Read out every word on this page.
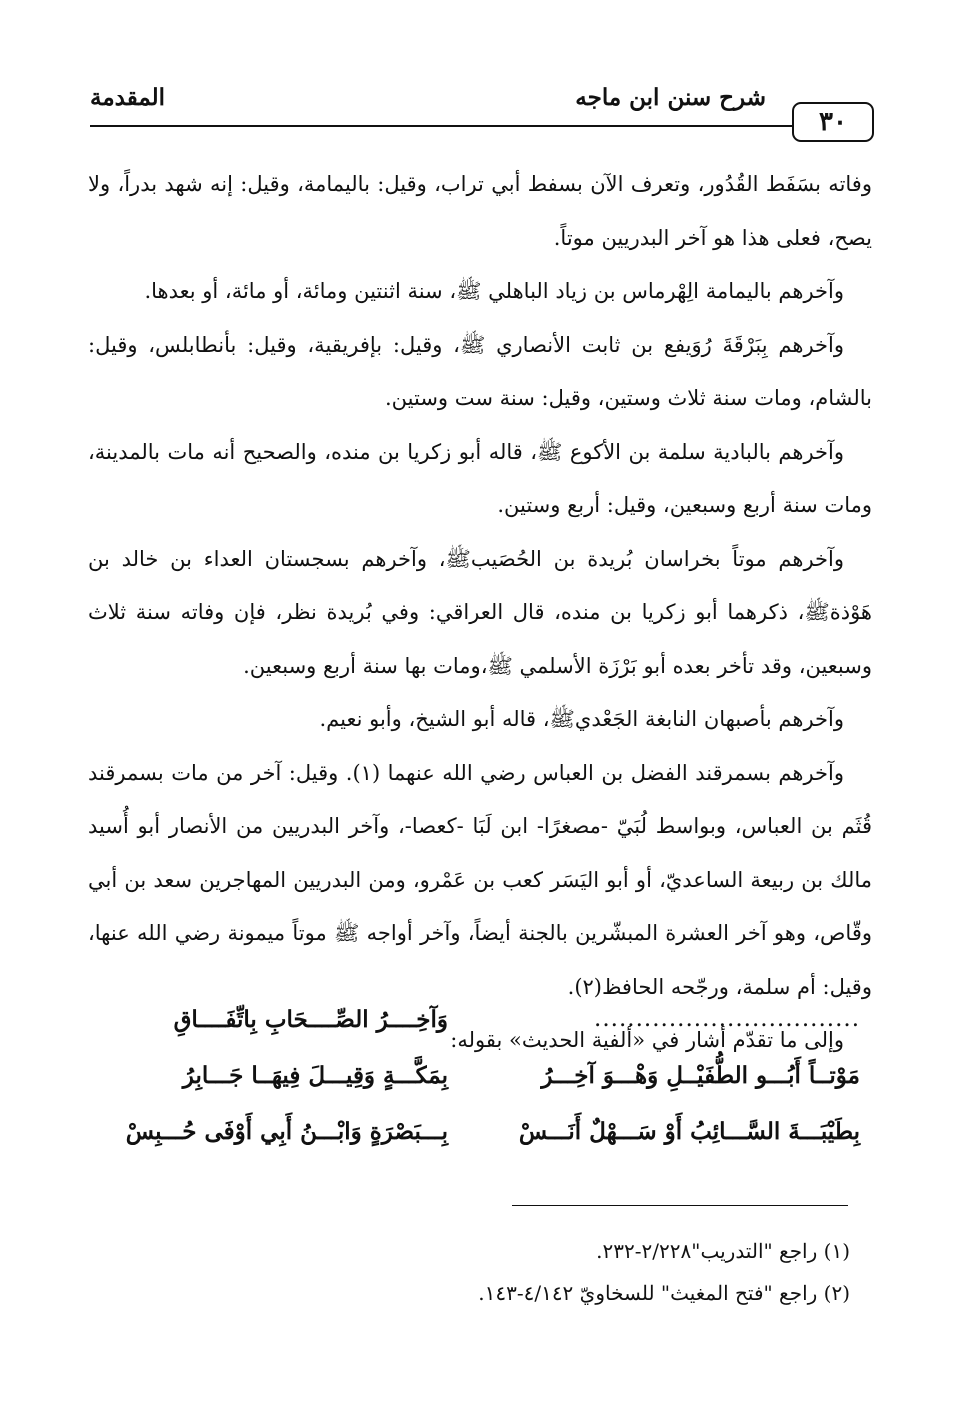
٣٠
شرح سنن ابن ماجه
المقدمة

وفاته بسَفَط القُدُور، وتعرف الآن بسفط أبي تراب، وقيل: باليمامة، وقيل: إنه شهد بدراً، ولا يصح، فعلى هذا هو آخر البدريين موتاً.

وآخرهم باليمامة الِهْرماس بن زياد الباهلي ﷺ، سنة اثنتين ومائة، أو مائة، أو بعدها.

وآخرهم بِبَرْقَةَ رُوَيفع بن ثابت الأنصاري ﷺ، وقيل: بإفريقية، وقيل: بأنطابلس، وقيل: بالشام، ومات سنة ثلاث وستين، وقيل: سنة ست وستين.

وآخرهم بالبادية سلمة بن الأكوع ﷺ، قاله أبو زكريا بن منده، والصحيح أنه مات بالمدينة، ومات سنة أربع وسبعين، وقيل: أربع وستين.

وآخرهم موتاً بخراسان بُريدة بن الحُصَيبﷺ، وآخرهم بسجستان العداء بن خالد بن هَوْذةﷺ، ذكرهما أبو زكريا بن منده، قال العراقي: وفي بُريدة نظر، فإن وفاته سنة ثلاث وسبعين، وقد تأخر بعده أبو بَرْزَة الأسلمي ﷺ،ومات بها سنة أربع وسبعين.

وآخرهم بأصبهان النابغة الجَعْديﷺ، قاله أبو الشيخ، وأبو نعيم.

وآخرهم بسمرقند الفضل بن العباس رضي الله عنهما (١). وقيل: آخر من مات بسمرقند قُثَم بن العباس، وبواسط لُبَيّ -مصغرًا- ابن لَبَا -كعصا-، وآخر البدريين من الأنصار أبو أُسيد مالك بن ربيعة الساعديّ، أو أبو اليَسَر كعب بن عَمْرو، ومن البدريين المهاجرين سعد بن أبي وقّاص، وهو آخر العشرة المبشّرين بالجنة أيضاً، وآخر أواجه ﷺ موتاً ميمونة رضي الله عنها، وقيل: أم سلمة، ورجّحه الحافظ(٢).

وإلى ما تقدّم أشار في «ألفية الحديث» بقوله:

................................
وَآخِــــرُ الصِّــــحَابِ بِاتِّفَــــاقِ
مَوْتــاً أَبُـــو الطُّفَيْــلِ وَهْـــوَ آخِـــرُ
بِمَكَّـــةٍ وَقِيـــلَ فِيهَــا جَـــابِرُ
بِطَيْبَـــةَ السَّـــائِبُ أَوْ سَـــهْلٌ أَنَـــسْ
بِـــبَصْرَةٍ وَابْـــنُ أَبِي أَوْفَى حُـــبِسْ

(١) راجع "التدريب"٢/٢٢٨-٢٣٢.

(٢) راجع "فتح المغيث" للسخاويّ ٤/١٤٢-١٤٣.
